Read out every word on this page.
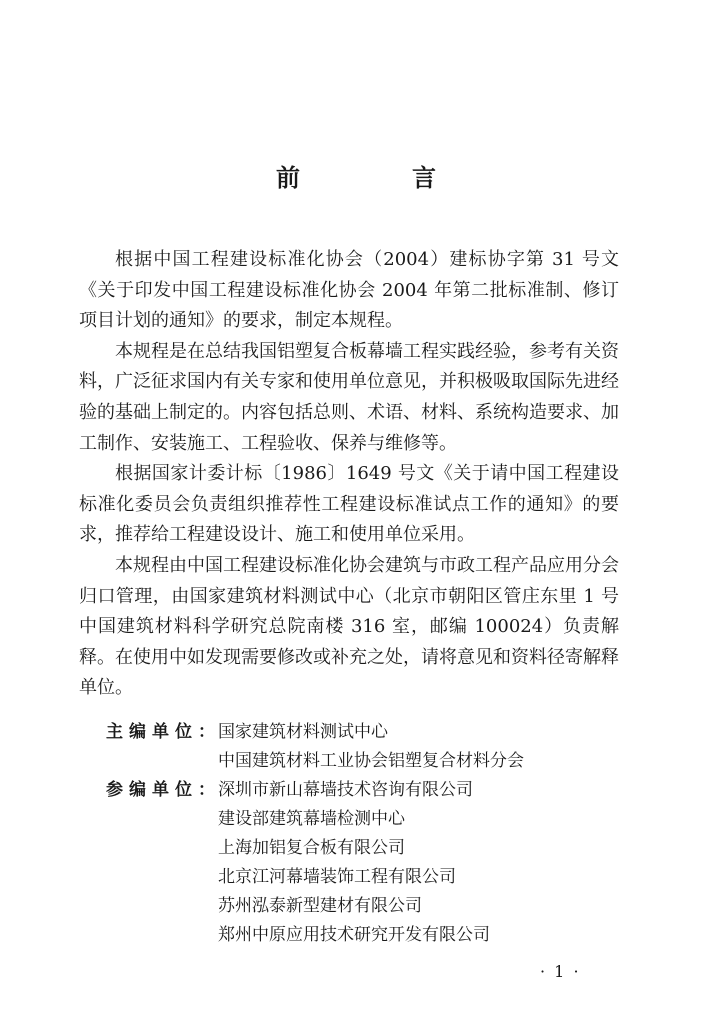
前　言

根据中国工程建设标准化协会（2004）建标协字第 31 号文《关于印发中国工程建设标准化协会 2004 年第二批标准制、修订项目计划的通知》的要求，制定本规程。

本规程是在总结我国铝塑复合板幕墙工程实践经验，参考有关资料，广泛征求国内有关专家和使用单位意见，并积极吸取国际先进经验的基础上制定的。内容包括总则、术语、材料、系统构造要求、加工制作、安装施工、工程验收、保养与维修等。

根据国家计委计标〔1986〕1649 号文《关于请中国工程建设标准化委员会负责组织推荐性工程建设标准试点工作的通知》的要求，推荐给工程建设设计、施工和使用单位采用。

本规程由中国工程建设标准化协会建筑与市政工程产品应用分会归口管理，由国家建筑材料测试中心（北京市朝阳区管庄东里 1 号中国建筑材料科学研究总院南楼 316 室，邮编 100024）负责解释。在使用中如发现需要修改或补充之处，请将意见和资料径寄解释单位。

主编单位：
国家建筑材料测试中心
中国建筑材料工业协会铝塑复合材料分会
参编单位：
深圳市新山幕墙技术咨询有限公司
建设部建筑幕墙检测中心
上海加铝复合板有限公司
北京江河幕墙装饰工程有限公司
苏州泓泰新型建材有限公司
郑州中原应用技术研究开发有限公司
· 1 ·
